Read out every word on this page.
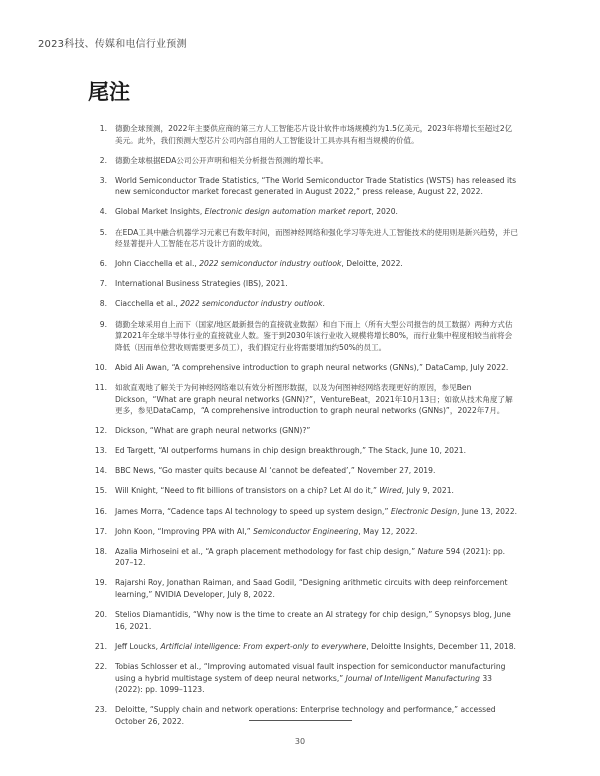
2023科技、传媒和电信行业预测
尾注
1.	德勤全球预测，2022年主要供应商的第三方人工智能芯片设计软件市场规模约为1.5亿美元，2023年将增长至超过2亿美元。此外，我们预测大型芯片公司内部自用的人工智能设计工具亦具有相当规模的价值。
2.	德勤全球根据EDA公司公开声明和相关分析报告预测的增长率。
3.	World Semiconductor Trade Statistics, “The World Semiconductor Trade Statistics (WSTS) has released its new semiconductor market forecast generated in August 2022,” press release, August 22, 2022.
4.	Global Market Insights, Electronic design automation market report, 2020.
5.	在EDA工具中融合机器学习元素已有数年时间，而图神经网络和强化学习等先进人工智能技术的使用则是新兴趋势，并已经显著提升人工智能在芯片设计方面的成效。
6.	John Ciacchella et al., 2022 semiconductor industry outlook, Deloitte, 2022.
7.	International Business Strategies (IBS), 2021.
8.	Ciacchella et al., 2022 semiconductor industry outlook.
9.	德勤全球采用自上而下（国家/地区最新报告的直接就业数据）和自下而上（所有大型公司报告的员工数据）两种方式估算2021年全球半导体行业的直接就业人数。鉴于到2030年该行业收入规模将增长80%，而行业集中程度相较当前将会降低（因而单位营收则需要更多员工），我们假定行业将需要增加约50%的员工。
10.	Abid Ali Awan, “A comprehensive introduction to graph neural networks (GNNs),” DataCamp, July 2022.
11.	如欲直观地了解关于为何神经网络难以有效分析图形数据，以及为何图神经网络表现更好的原因，参见Ben Dickson，“What are graph neural networks (GNN)?”，VentureBeat，2021年10月13日；如欲从技术角度了解更多，参见DataCamp，“A comprehensive introduction to graph neural networks (GNNs)”，2022年7月。
12.	Dickson, “What are graph neural networks (GNN)?”
13.	Ed Targett, “AI outperforms humans in chip design breakthrough,” The Stack, June 10, 2021.
14.	BBC News, “Go master quits because AI ‘cannot be defeated’,” November 27, 2019.
15.	Will Knight, “Need to fit billions of transistors on a chip? Let AI do it,” Wired, July 9, 2021.
16.	James Morra, “Cadence taps AI technology to speed up system design,” Electronic Design, June 13, 2022.
17.	John Koon, “Improving PPA with AI,” Semiconductor Engineering, May 12, 2022.
18.	Azalia Mirhoseini et al., “A graph placement methodology for fast chip design,” Nature 594 (2021): pp. 207–12.
19.	Rajarshi Roy, Jonathan Raiman, and Saad Godil, “Designing arithmetic circuits with deep reinforcement learning,” NVIDIA Developer, July 8, 2022.
20.	Stelios Diamantidis, “Why now is the time to create an AI strategy for chip design,” Synopsys blog, June 16, 2021.
21.	Jeff Loucks, Artificial intelligence: From expert-only to everywhere, Deloitte Insights, December 11, 2018.
22.	Tobias Schlosser et al., “Improving automated visual fault inspection for semiconductor manufacturing using a hybrid multistage system of deep neural networks,” Journal of Intelligent Manufacturing 33 (2022): pp. 1099–1123.
23.	Deloitte, “Supply chain and network operations: Enterprise technology and performance,” accessed October 26, 2022.
30
